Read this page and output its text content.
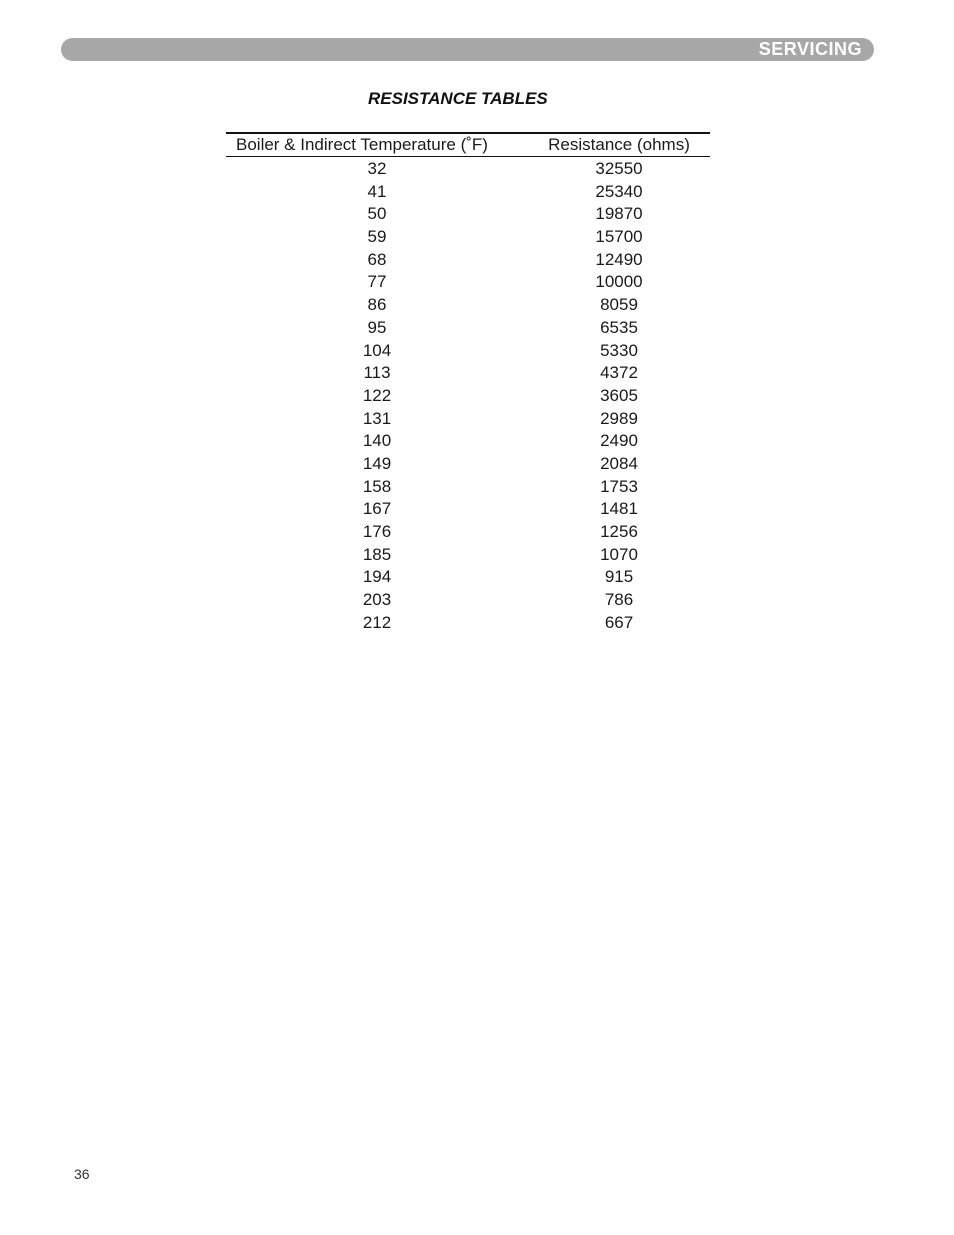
SERVICING
RESISTANCE TABLES
Boiler & Indirect Temperature (˚F)	Resistance (ohms)
32	32550
41	25340
50	19870
59	15700
68	12490
77	10000
86	8059
95	6535
104	5330
113	4372
122	3605
131	2989
140	2490
149	2084
158	1753
167	1481
176	1256
185	1070
194	915
203	786
212	667
36
